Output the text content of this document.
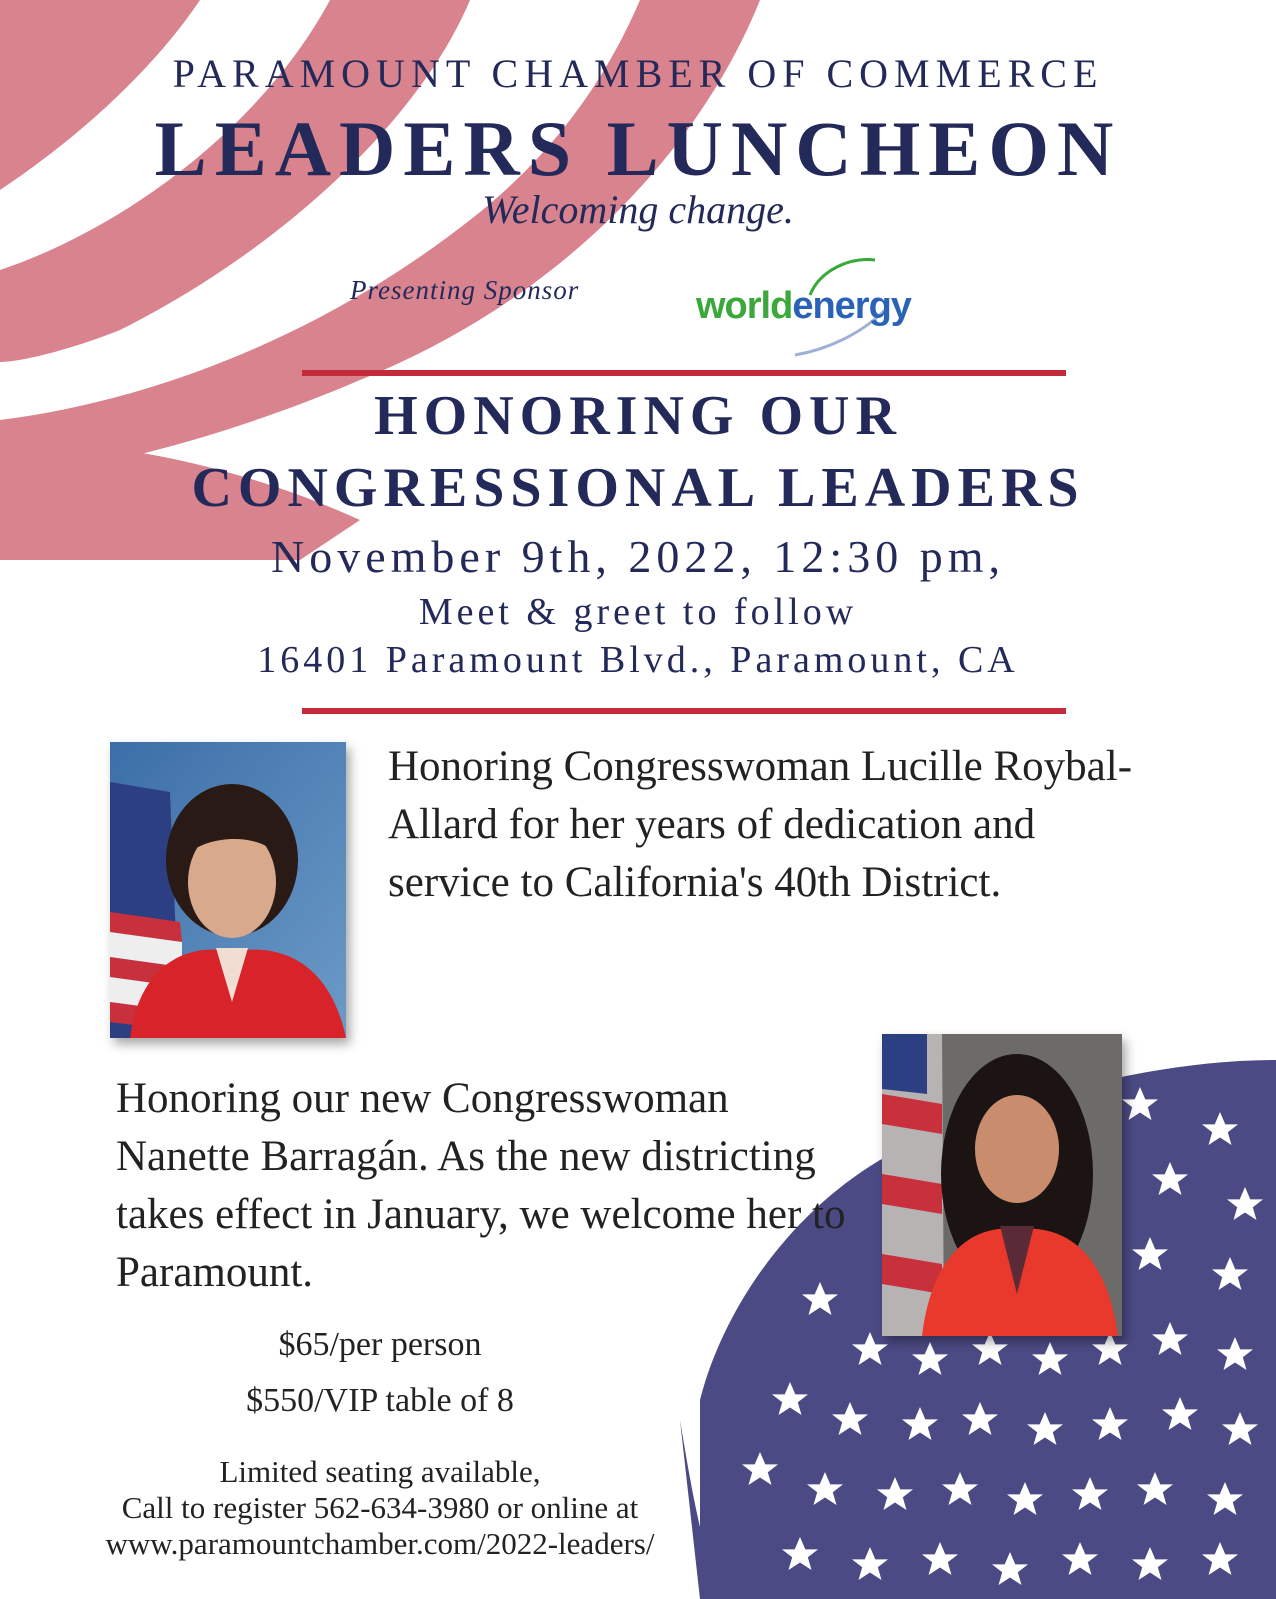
PARAMOUNT CHAMBER OF COMMERCE
LEADERS LUNCHEON
Welcoming change.
Presenting Sponsor	worldenergy
HONORING OUR
CONGRESSIONAL LEADERS
November 9th, 2022, 12:30 pm,
Meet & greet to follow
16401 Paramount Blvd., Paramount, CA
Honoring Congresswoman Lucille Roybal-Allard for her years of dedication and service to California's 40th District.
Honoring our new Congresswoman Nanette Barragán. As the new districting takes effect in January, we welcome her to Paramount.
$65/per person
$550/VIP table of 8
Limited seating available,
Call to register 562-634-3980 or online at
www.paramountchamber.com/2022-leaders/
